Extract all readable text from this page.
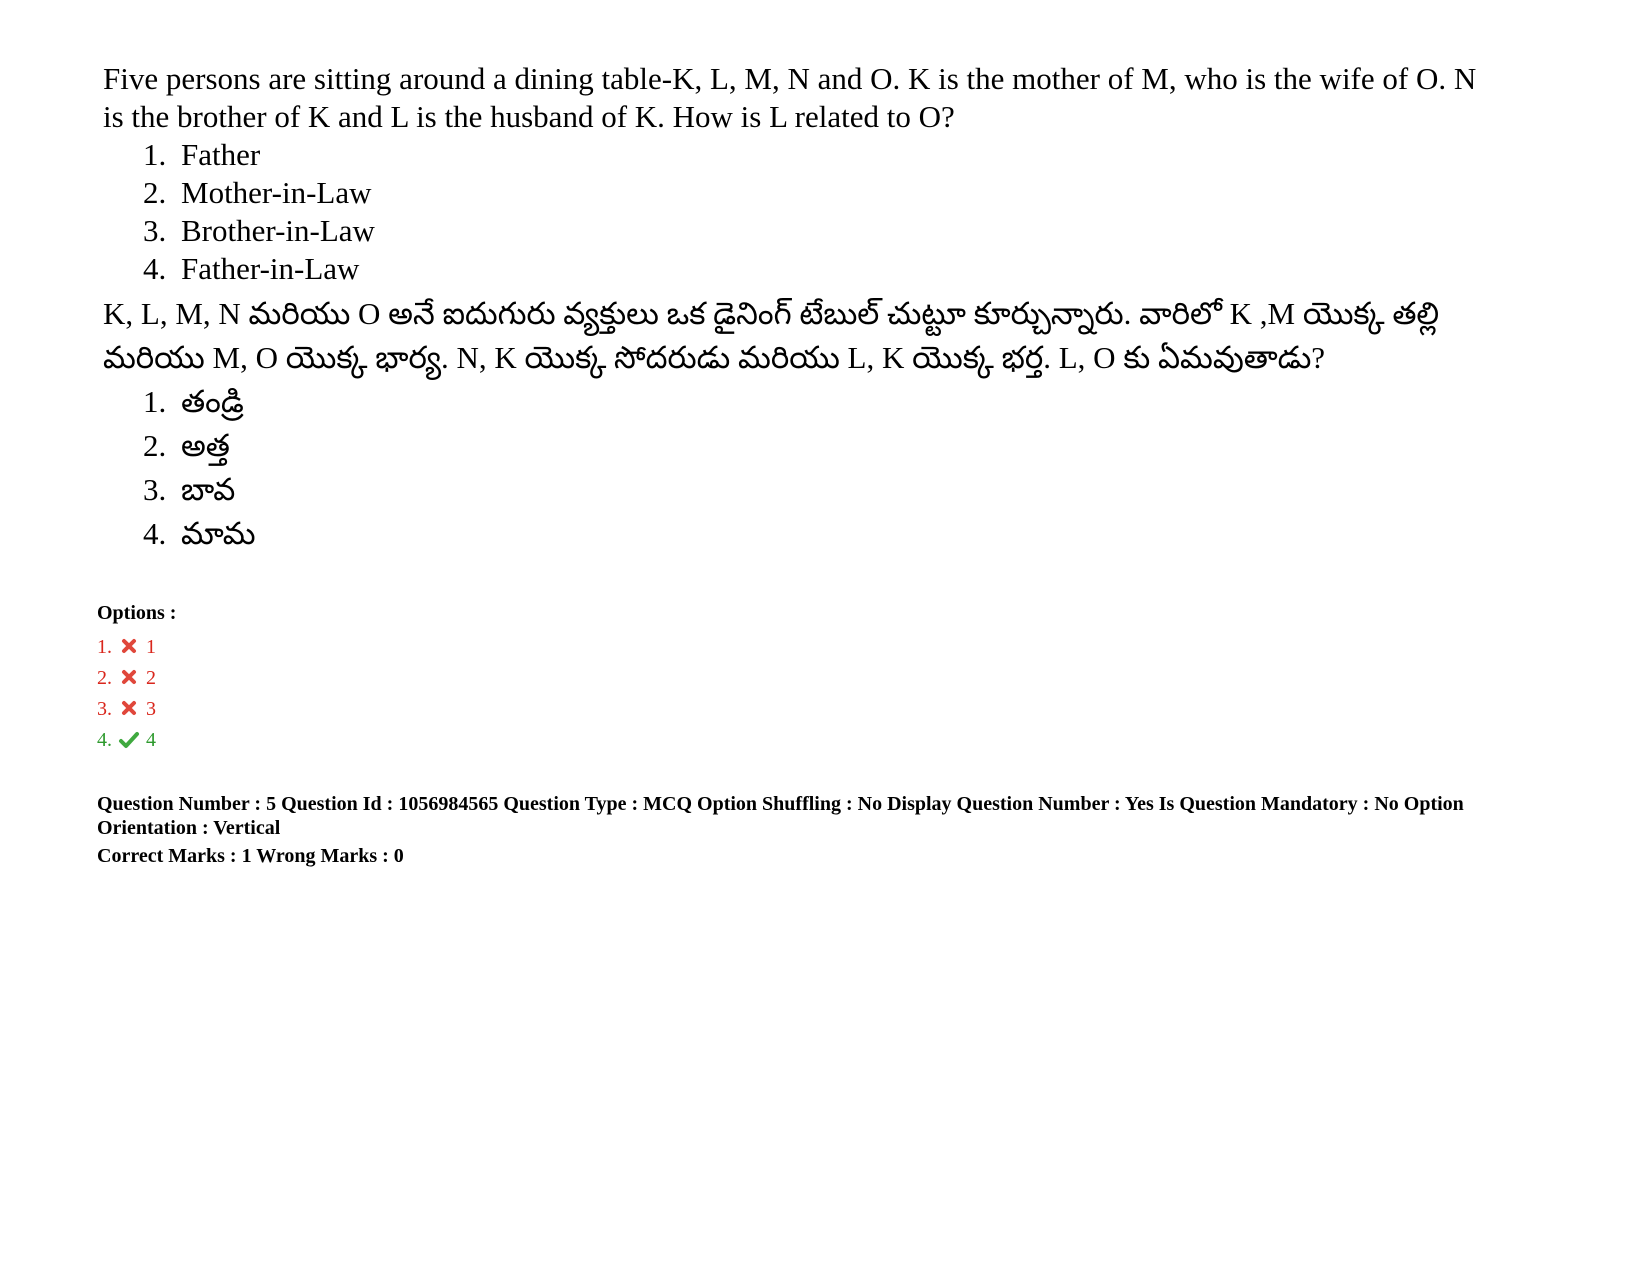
Five persons are sitting around a dining table-K, L, M, N and O. K is the mother of M, who is the wife of O. N is the brother of K and L is the husband of K. How is L related to O?

1. Father
2. Mother-in-Law
3. Brother-in-Law
4. Father-in-Law

K, L, M, N మరియు O అనే ఐదుగురు వ్యక్తులు ఒక డైనింగ్ టేబుల్ చుట్టూ కూర్చున్నారు. వారిలో K ,M యొక్క తల్లి మరియు M, O యొక్క భార్య. N, K యొక్క సోదరుడు మరియు L, K యొక్క భర్త. L, O కు ఏమవుతాడు?

1. తండ్రి
2. అత్త
3. బావ
4. మామ
Options :
1. 1
2. 2
3. 3
4. 4

Question Number : 5 Question Id : 1056984565 Question Type : MCQ Option Shuffling : No Display Question Number : Yes Is Question Mandatory : No Option Orientation : Vertical

Correct Marks : 1 Wrong Marks : 0
